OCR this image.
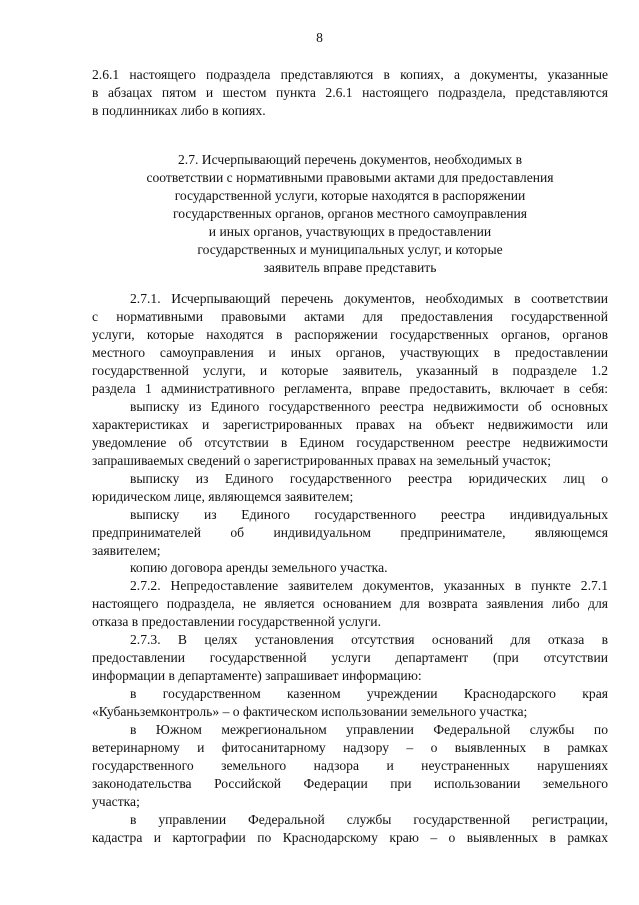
8
2.6.1 настоящего подраздела представляются в копиях, а документы, указанные
в абзацах пятом и шестом пункта 2.6.1 настоящего подраздела, представляются
в подлинниках либо в копиях.
2.7. Исчерпывающий перечень документов, необходимых в
соответствии с нормативными правовыми актами для предоставления
государственной услуги, которые находятся в распоряжении
государственных органов, органов местного самоуправления
и иных органов, участвующих в предоставлении
государственных и муниципальных услуг, и которые
заявитель вправе представить
2.7.1. Исчерпывающий перечень документов, необходимых в соответствии
с нормативными правовыми актами для предоставления государственной
услуги, которые находятся в распоряжении государственных органов, органов
местного самоуправления и иных органов, участвующих в предоставлении
государственной услуги, и которые заявитель, указанный в подразделе 1.2
раздела 1 административного регламента, вправе предоставить, включает в себя:
выписку из Единого государственного реестра недвижимости об основных
характеристиках и зарегистрированных правах на объект недвижимости или
уведомление об отсутствии в Едином государственном реестре недвижимости
запрашиваемых сведений о зарегистрированных правах на земельный участок;
выписку из Единого государственного реестра юридических лиц о
юридическом лице, являющемся заявителем;
выписку из Единого государственного реестра индивидуальных
предпринимателей об индивидуальном предпринимателе, являющемся
заявителем;
копию договора аренды земельного участка.
2.7.2. Непредоставление заявителем документов, указанных в пункте 2.7.1
настоящего подраздела, не является основанием для возврата заявления либо для
отказа в предоставлении государственной услуги.
2.7.3. В целях установления отсутствия оснований для отказа в
предоставлении государственной услуги департамент (при отсутствии
информации в департаменте) запрашивает информацию:
в государственном казенном учреждении Краснодарского края
«Кубаньземконтроль» – о фактическом использовании земельного участка;
в Южном межрегиональном управлении Федеральной службы по
ветеринарному и фитосанитарному надзору – о выявленных в рамках
государственного земельного надзора и неустраненных нарушениях
законодательства Российской Федерации при использовании земельного
участка;
в управлении Федеральной службы государственной регистрации,
кадастра и картографии по Краснодарскому краю – о выявленных в рамках
